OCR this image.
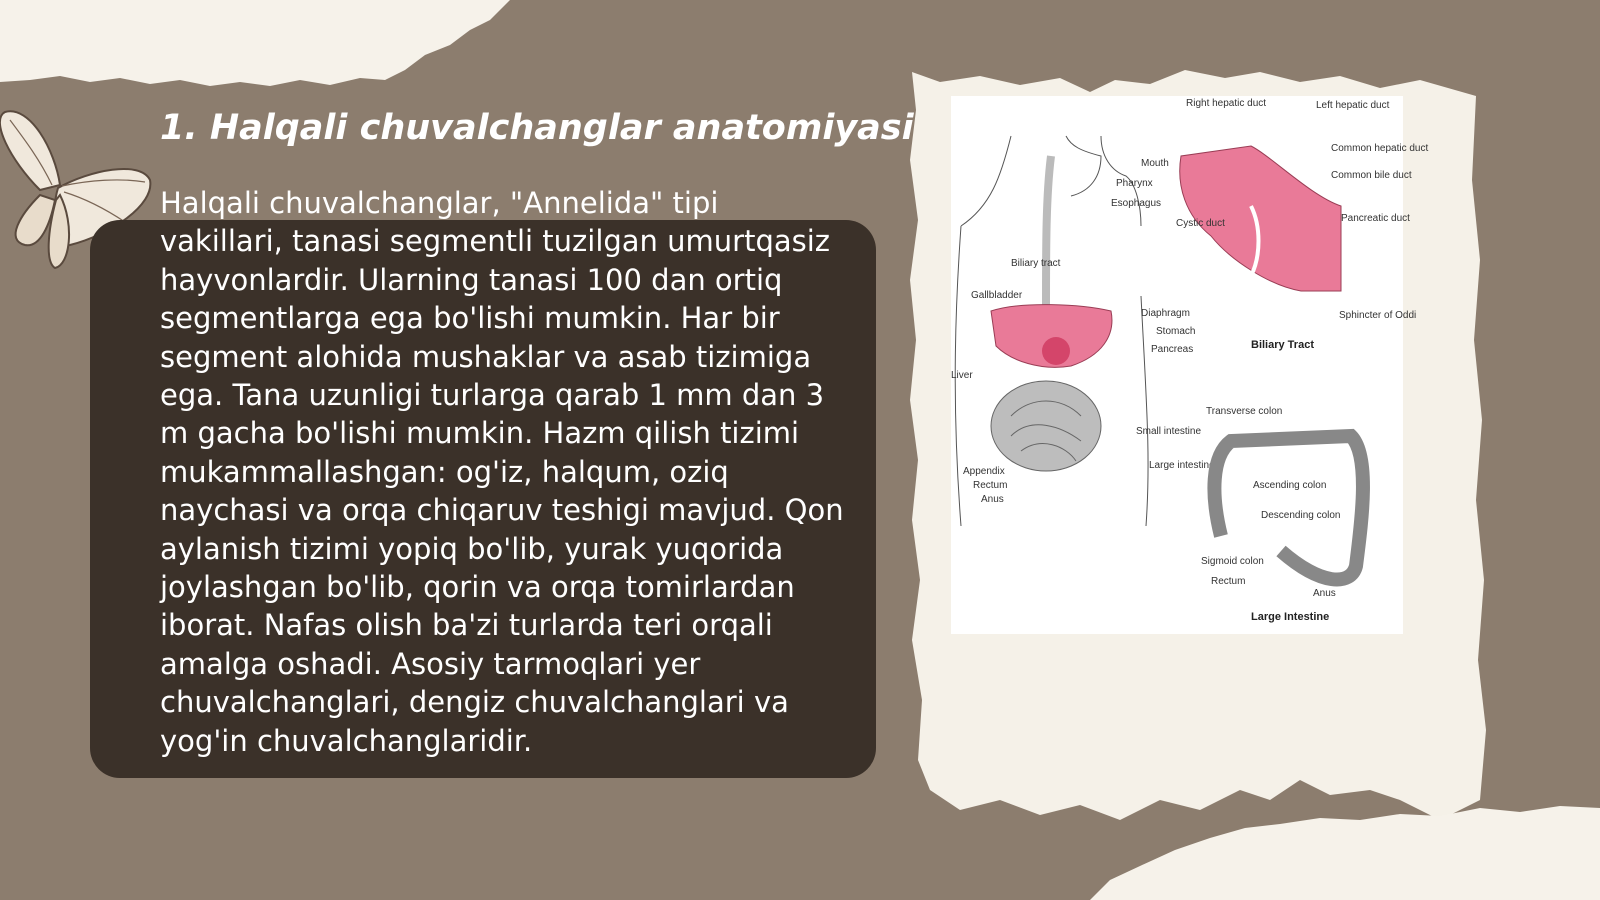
1. Halqali chuvalchanglar anatomiyasi

Halqali chuvalchanglar, "Annelida" tipi vakillari, tanasi segmentli tuzilgan umurtqasiz hayvonlardir. Ularning tanasi 100 dan ortiq segmentlarga ega bo'lishi mumkin. Har bir segment alohida mushaklar va asab tizimiga ega. Tana uzunligi turlarga qarab 1 mm dan 3 m gacha bo'lishi mumkin. Hazm qilish tizimi mukammallashgan: og'iz, halqum, oziq naychasi va orqa chiqaruv teshigi mavjud. Qon aylanish tizimi yopiq bo'lib, yurak yuqorida joylashgan bo'lib, qorin va orqa tomirlardan iborat. Nafas olish ba'zi turlarda teri orqali amalga oshadi. Asosiy tarmoqlari yer chuvalchanglari, dengiz chuvalchanglari va yog'in chuvalchanglaridir.

Mouth
Pharynx
Esophagus
Biliary tract
Gallbladder
Liver
Diaphragm
Stomach
Pancreas
Small intestine
Large intestine
Appendix
Rectum
Anus
Right hepatic duct	Left hepatic duct
Common hepatic duct
Common bile duct
Cystic duct	Pancreatic duct
Sphincter of Oddi
Biliary Tract
Transverse colon
Ascending colon
Descending colon
Sigmoid colon
Rectum
Anus
Large Intestine
